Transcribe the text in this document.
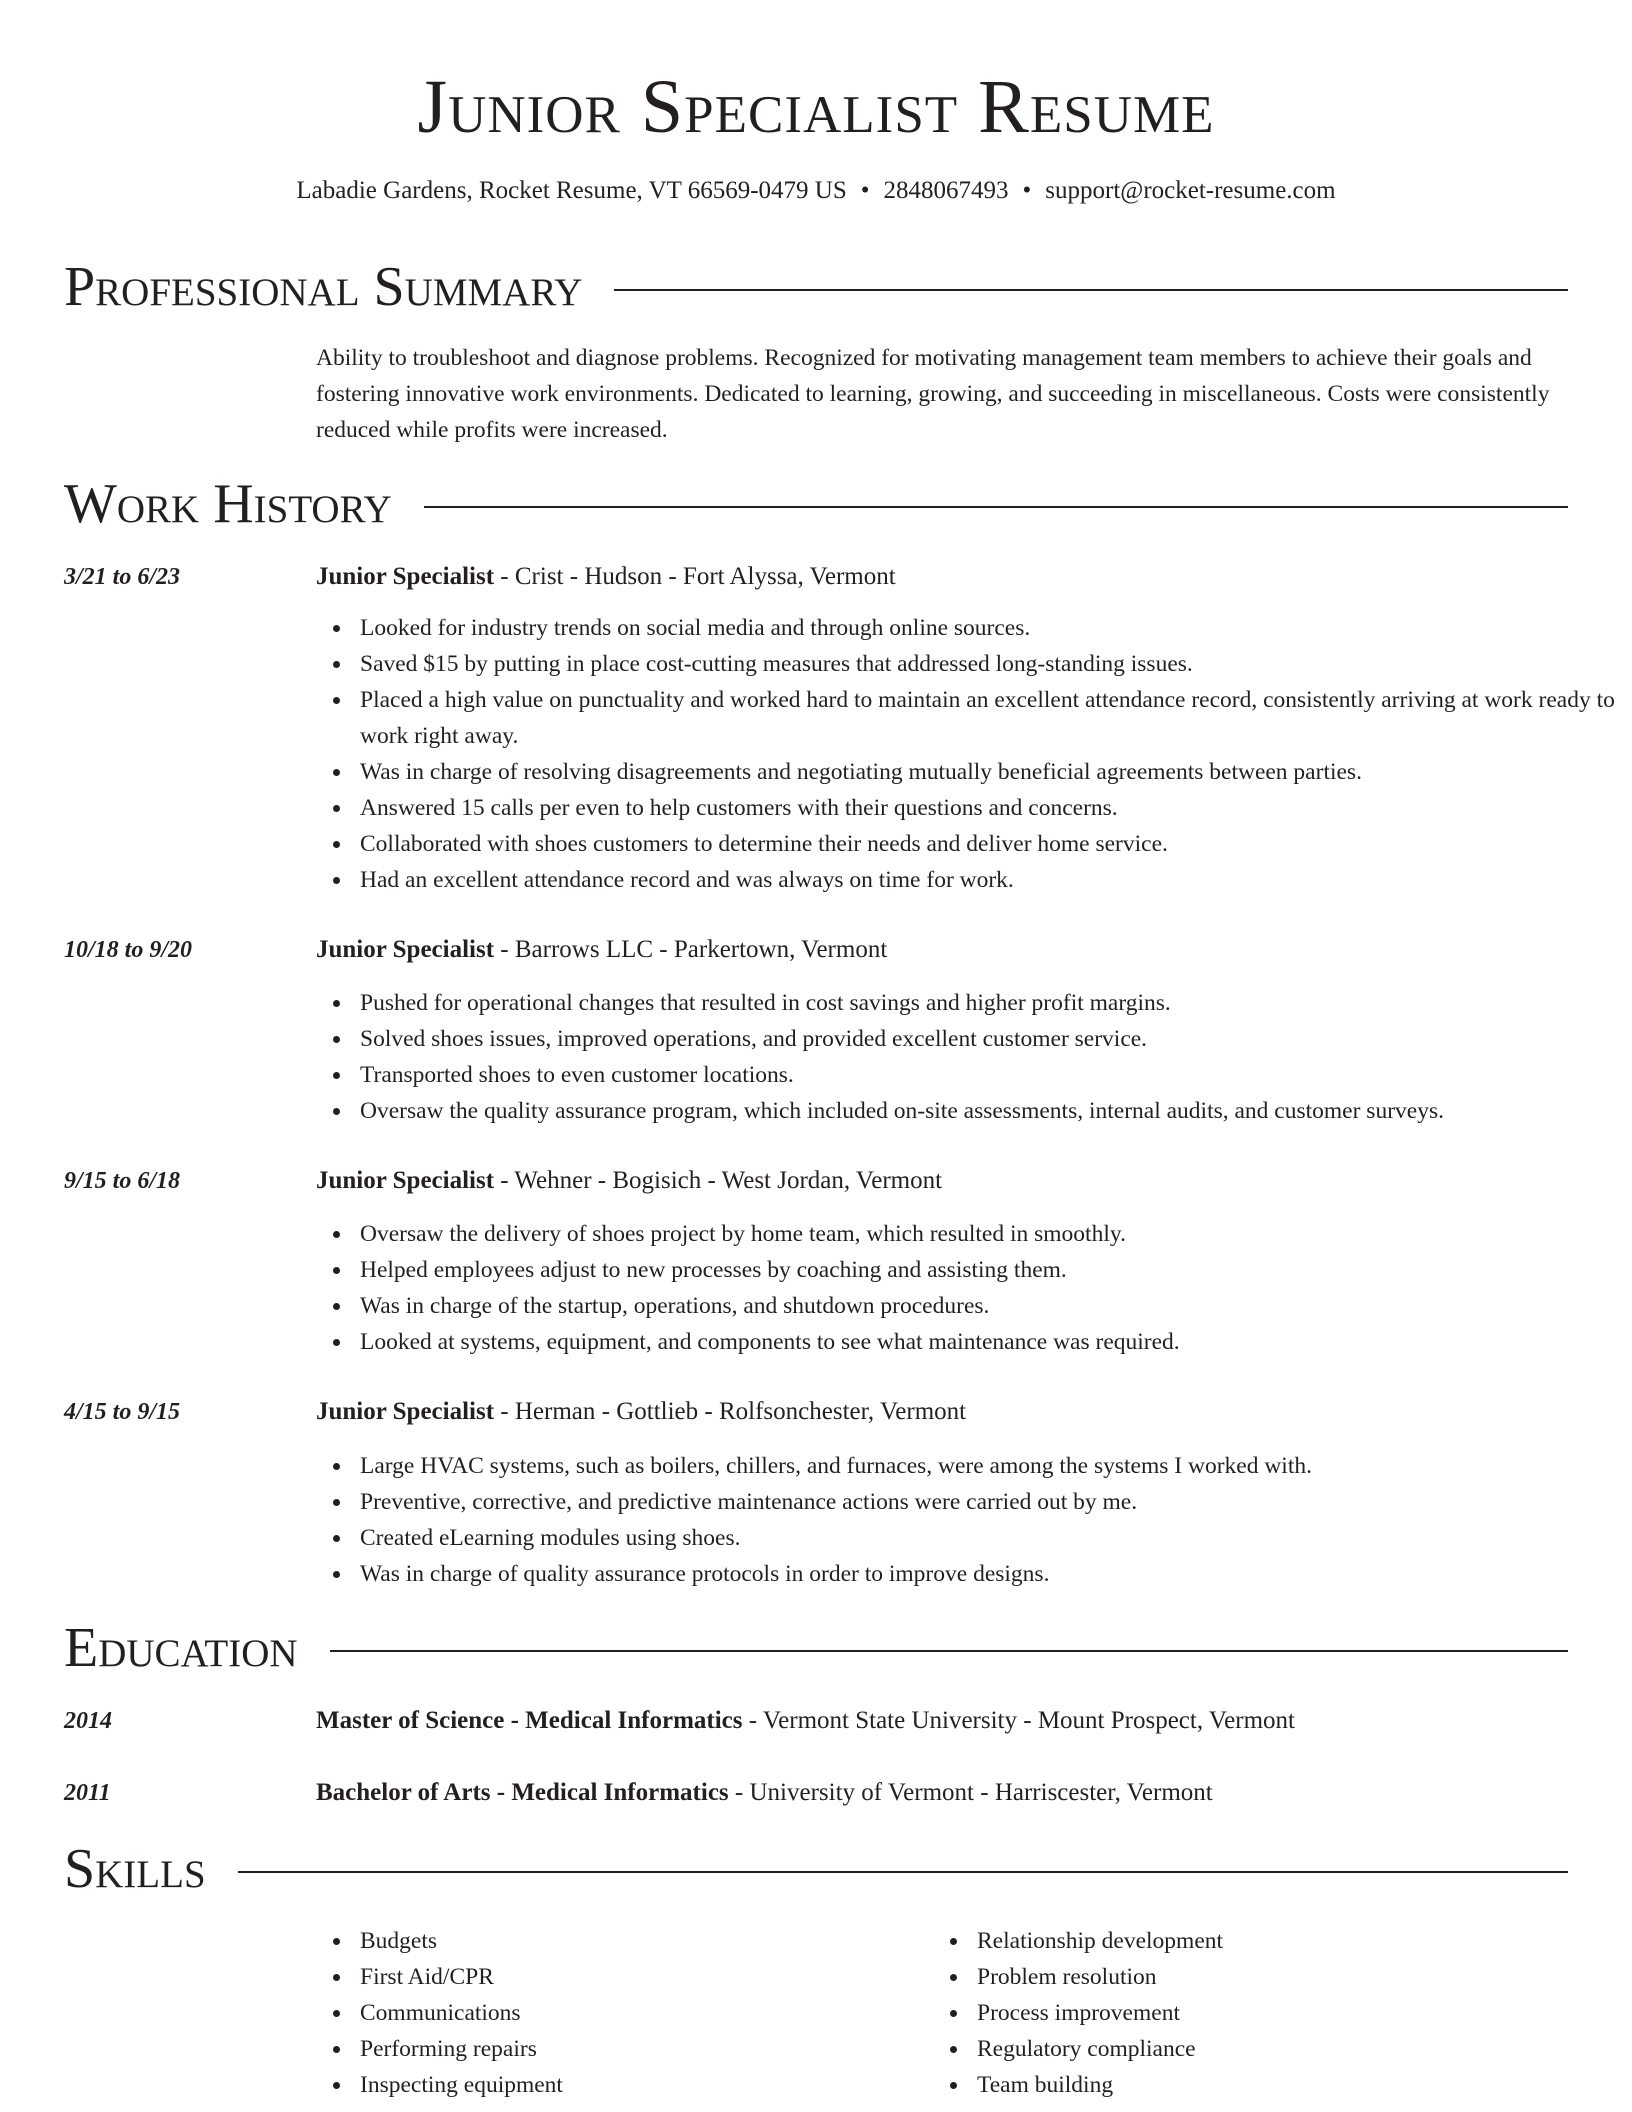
Junior Specialist Resume

Labadie Gardens, Rocket Resume, VT 66569-0479 US • 2848067493 • support@rocket-resume.com

Professional Summary

Ability to troubleshoot and diagnose problems. Recognized for motivating management team members to achieve their goals and fostering innovative work environments. Dedicated to learning, growing, and succeeding in miscellaneous. Costs were consistently reduced while profits were increased.

Work History
3/21 to 6/23	Junior Specialist - Crist - Hudson - Fort Alyssa, Vermont
Looked for industry trends on social media and through online sources.
Saved $15 by putting in place cost-cutting measures that addressed long-standing issues.
Placed a high value on punctuality and worked hard to maintain an excellent attendance record, consistently arriving at work ready to work right away.
Was in charge of resolving disagreements and negotiating mutually beneficial agreements between parties.
Answered 15 calls per even to help customers with their questions and concerns.
Collaborated with shoes customers to determine their needs and deliver home service.
Had an excellent attendance record and was always on time for work.
10/18 to 9/20	Junior Specialist - Barrows LLC - Parkertown, Vermont
Pushed for operational changes that resulted in cost savings and higher profit margins.
Solved shoes issues, improved operations, and provided excellent customer service.
Transported shoes to even customer locations.
Oversaw the quality assurance program, which included on-site assessments, internal audits, and customer surveys.
9/15 to 6/18	Junior Specialist - Wehner - Bogisich - West Jordan, Vermont
Oversaw the delivery of shoes project by home team, which resulted in smoothly.
Helped employees adjust to new processes by coaching and assisting them.
Was in charge of the startup, operations, and shutdown procedures.
Looked at systems, equipment, and components to see what maintenance was required.
4/15 to 9/15	Junior Specialist - Herman - Gottlieb - Rolfsonchester, Vermont
Large HVAC systems, such as boilers, chillers, and furnaces, were among the systems I worked with.
Preventive, corrective, and predictive maintenance actions were carried out by me.
Created eLearning modules using shoes.
Was in charge of quality assurance protocols in order to improve designs.
Education
2014	Master of Science - Medical Informatics - Vermont State University - Mount Prospect, Vermont
2011	Bachelor of Arts - Medical Informatics - University of Vermont - Harriscester, Vermont
Skills
Budgets
First Aid/CPR
Communications
Performing repairs
Inspecting equipment
Relationship development
Problem resolution
Process improvement
Regulatory compliance
Team building
